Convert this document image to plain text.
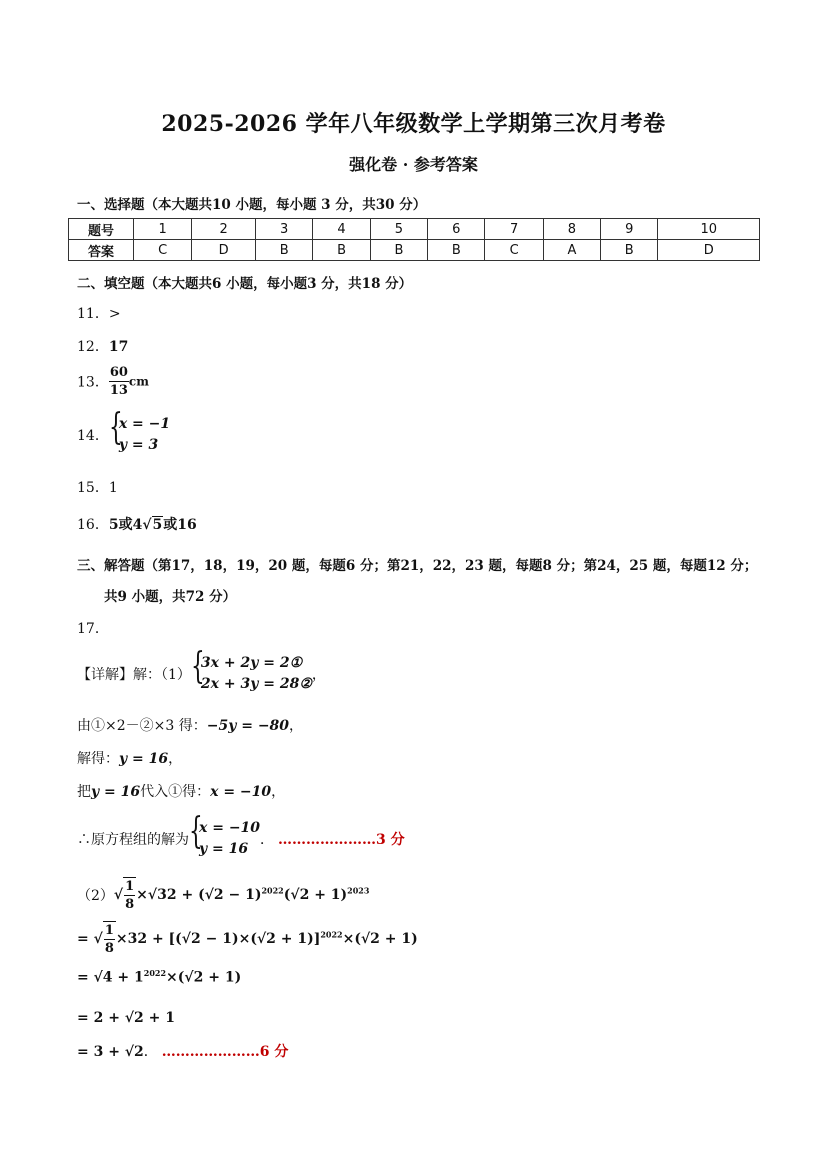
2025-2026 学年八年级数学上学期第三次月考卷
强化卷 · 参考答案
一、选择题（本大题共10 小题，每小题 3 分，共30 分）
题号	1	2	3	4	5	6	7	8	9	10
答案	C	D	B	B	B	B	C	A	B	D
二、填空题（本大题共6 小题，每小题3 分，共18 分）
11．>
12．17
13． $\frac{60}{13}$ cm
14． {
x = −1
y = 3
15．1
16．5或4√5或16
三、解答题（第17，18，19，20 题，每题6 分；第21，22，23 题，每题8 分；第24，25 题，每题12 分；
共9 小题，共72 分）
17．
【详解】解：（1） {
3x + 2y = 2①
2x + 3y = 28②
，
由①×2－②×3 得：−5y = −80，
解得：y = 16，
把y = 16代入①得：x = −10，
∴原方程组的解为 {
x = −10
y = 16
． …………………3 分
$(2)√ \frac{1}{8} \times√32 + (√2 - 1)^{2022}(√2 + 1)^{2023}$
= √ $\frac{1}{8} \times 32 + [(√2 - 1)\times(√2 + 1)]^{2022}\times(√2 + 1)$
= $√4 + 1^{2022}\times(√2 + 1)$
= 2 + √2 + 1
= 3 + √2． …………………6 分
